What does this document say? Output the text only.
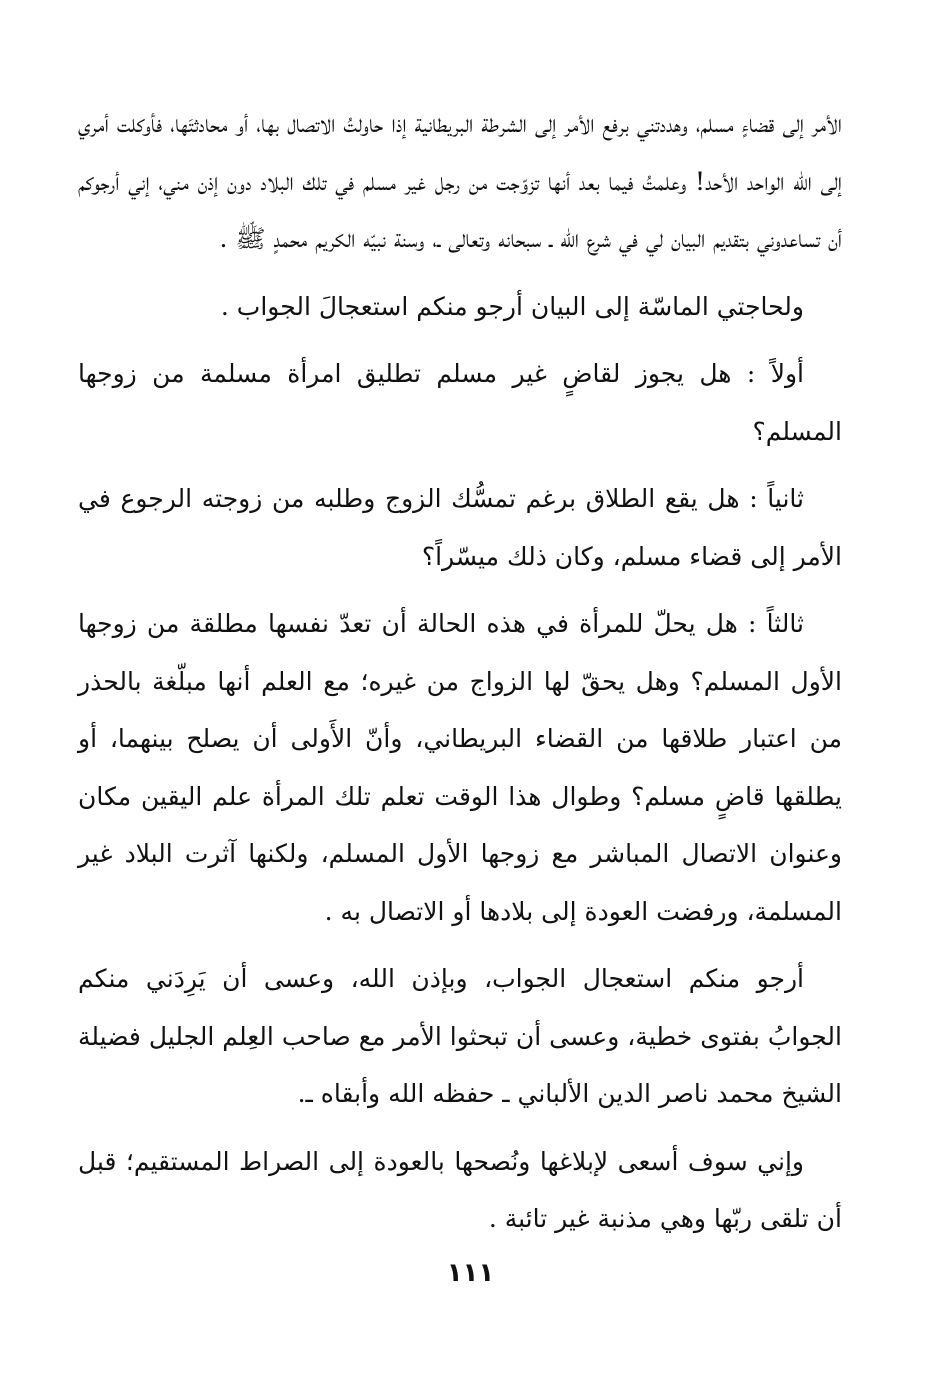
الأمر إلى قضاءٍ مسلم، وهددتني برفع الأمر إلى الشرطة البريطانية إذا حاولتُ الاتصال بها، أو محادثتَها، فأوكلت أمري إلى الله الواحد الأحد! وعلمتُ فيما بعد أنها تزوّجت من رجل غير مسلم في تلك البلاد دون إذن مني، إني أرجوكم أن تساعدوني بتقديم البيان لي في شرع الله ـ سبحانه وتعالى ـ، وسنة نبيّه الكريم محمدٍ ﷺ .

ولحاجتي الماسّة إلى البيان أرجو منكم استعجالَ الجواب .

أولاً : هل يجوز لقاضٍ غير مسلم تطليق امرأة مسلمة من زوجها المسلم؟

ثانياً : هل يقع الطلاق برغم تمسُّك الزوج وطلبه من زوجته الرجوع في الأمر إلى قضاء مسلم، وكان ذلك ميسّراً؟

ثالثاً : هل يحلّ للمرأة في هذه الحالة أن تعدّ نفسها مطلقة من زوجها الأول المسلم؟ وهل يحقّ لها الزواج من غيره؛ مع العلم أنها مبلّغة بالحذر من اعتبار طلاقها من القضاء البريطاني، وأنّ الأَولى أن يصلح بينهما، أو يطلقها قاضٍ مسلم؟ وطوال هذا الوقت تعلم تلك المرأة علم اليقين مكان وعنوان الاتصال المباشر مع زوجها الأول المسلم، ولكنها آثرت البلاد غير المسلمة، ورفضت العودة إلى بلادها أو الاتصال به .

أرجو منكم استعجال الجواب، وبإذن الله، وعسى أن يَرِدَني منكم الجوابُ بفتوى خطية، وعسى أن تبحثوا الأمر مع صاحب العِلم الجليل فضيلة الشيخ محمد ناصر الدين الألباني ـ حفظه الله وأبقاه ـ.

وإني سوف أسعى لإبلاغها ونُصحها بالعودة إلى الصراط المستقيم؛ قبل أن تلقى ربّها وهي مذنبة غير تائبة .

١١١
